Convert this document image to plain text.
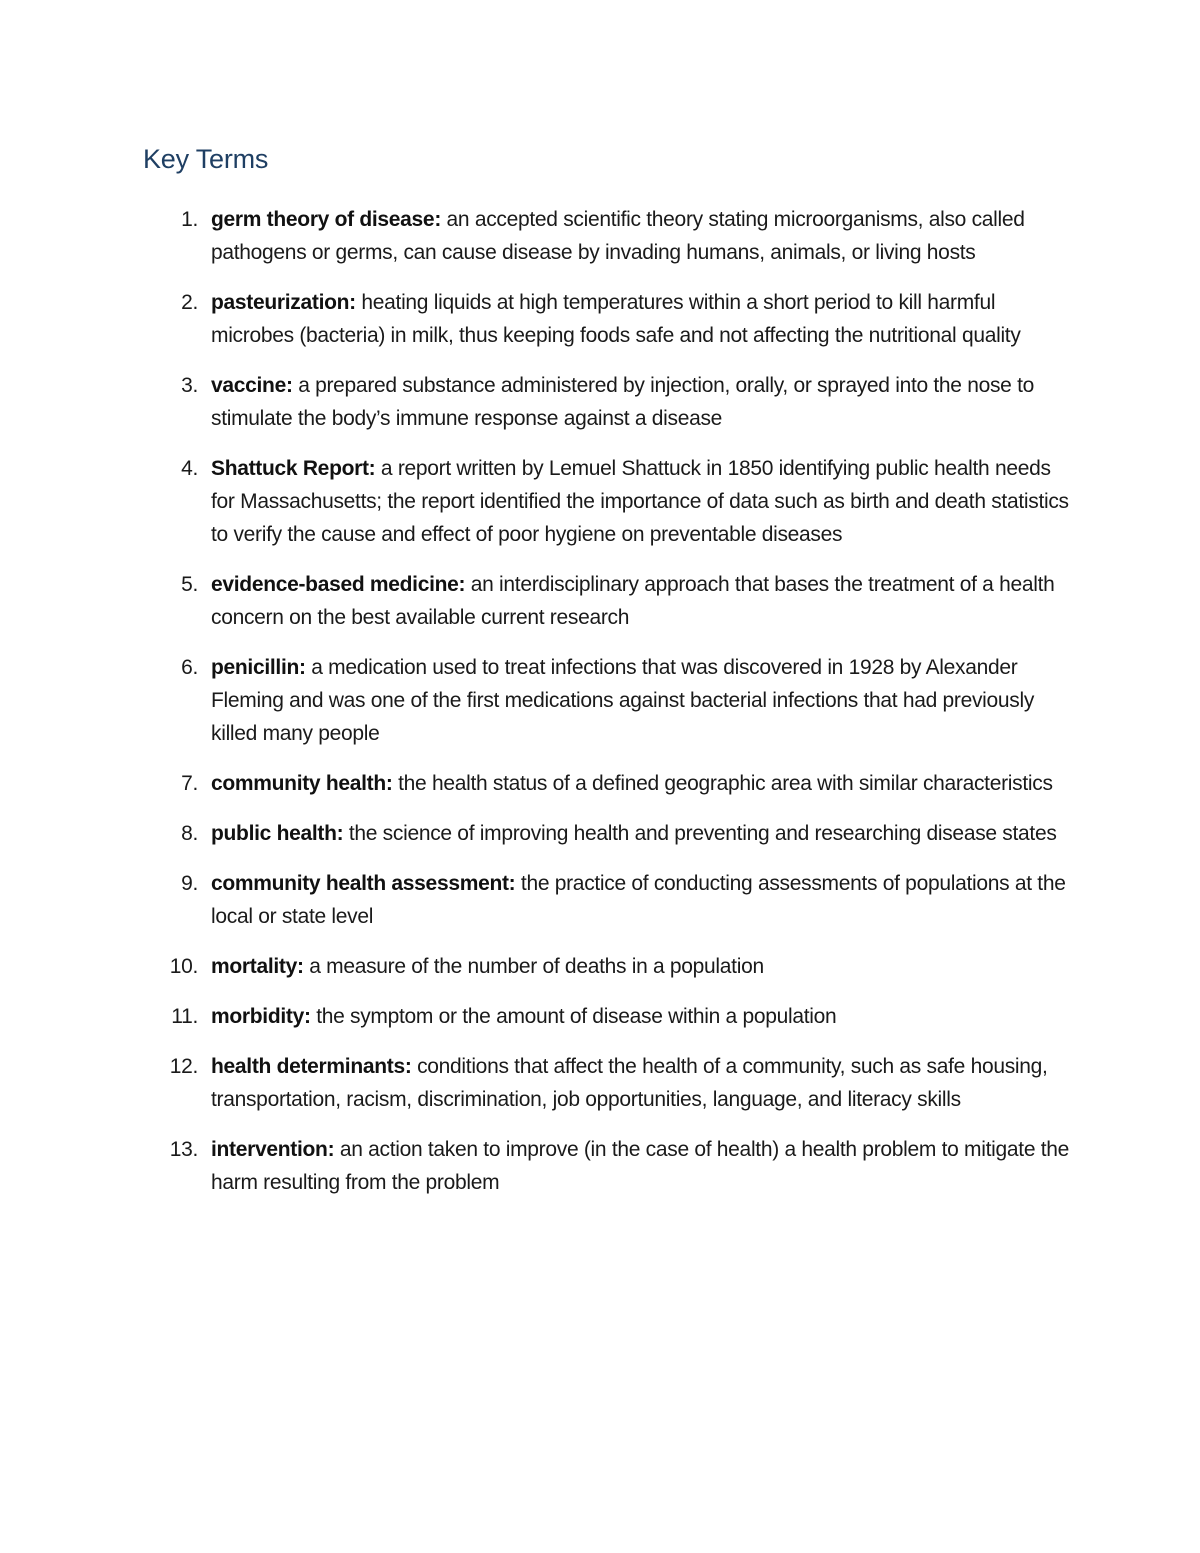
Key Terms
1. germ theory of disease: an accepted scientific theory stating microorganisms, also called pathogens or germs, can cause disease by invading humans, animals, or living hosts
2. pasteurization: heating liquids at high temperatures within a short period to kill harmful microbes (bacteria) in milk, thus keeping foods safe and not affecting the nutritional quality
3. vaccine: a prepared substance administered by injection, orally, or sprayed into the nose to stimulate the body’s immune response against a disease
4. Shattuck Report: a report written by Lemuel Shattuck in 1850 identifying public health needs for Massachusetts; the report identified the importance of data such as birth and death statistics to verify the cause and effect of poor hygiene on preventable diseases
5. evidence-based medicine: an interdisciplinary approach that bases the treatment of a health concern on the best available current research
6. penicillin: a medication used to treat infections that was discovered in 1928 by Alexander Fleming and was one of the first medications against bacterial infections that had previously killed many people
7. community health: the health status of a defined geographic area with similar characteristics
8. public health: the science of improving health and preventing and researching disease states
9. community health assessment: the practice of conducting assessments of populations at the local or state level
10. mortality: a measure of the number of deaths in a population
11. morbidity: the symptom or the amount of disease within a population
12. health determinants: conditions that affect the health of a community, such as safe housing, transportation, racism, discrimination, job opportunities, language, and literacy skills
13. intervention: an action taken to improve (in the case of health) a health problem to mitigate the harm resulting from the problem
